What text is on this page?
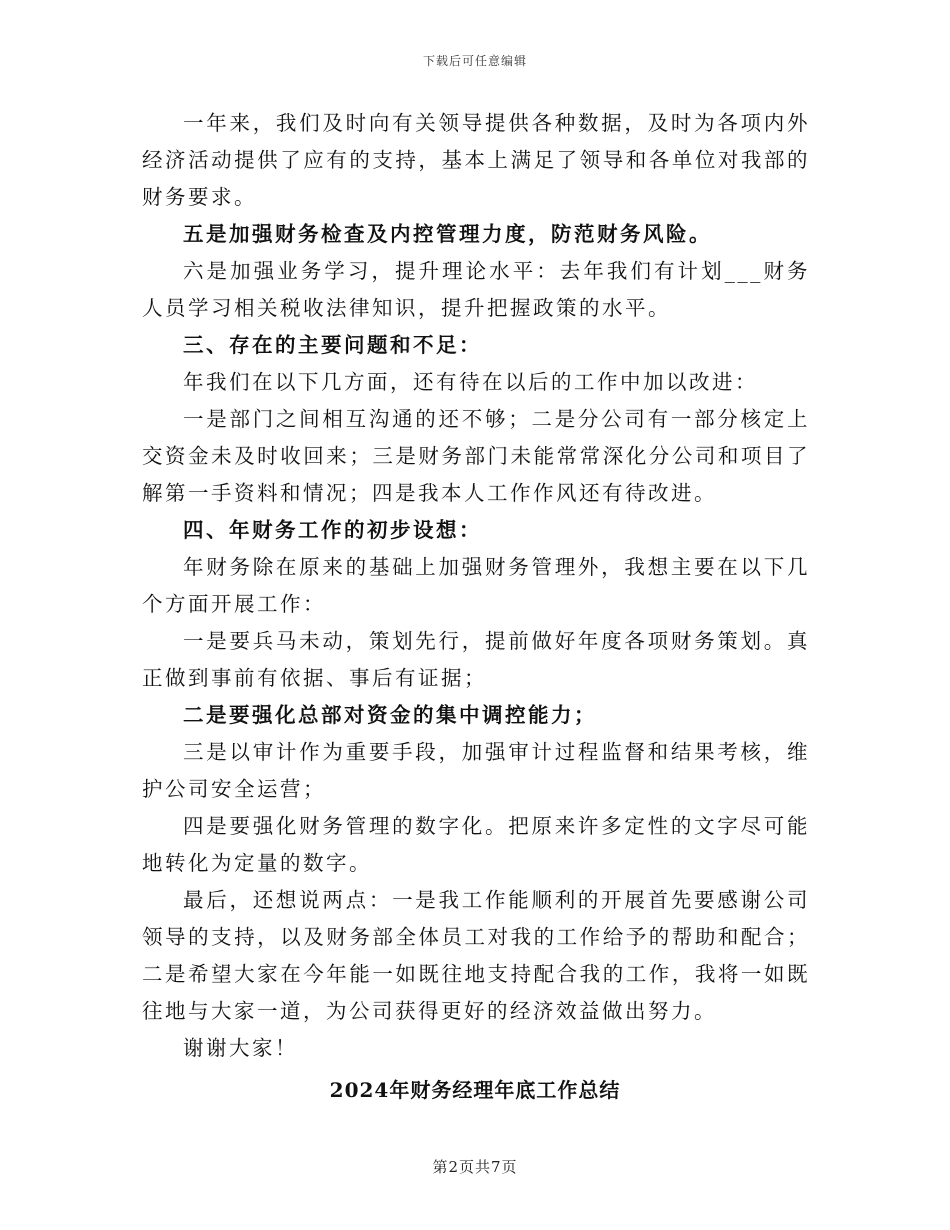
下载后可任意编辑

一年来，我们及时向有关领导提供各种数据，及时为各项内外经济活动提供了应有的支持，基本上满足了领导和各单位对我部的财务要求。

五是加强财务检查及内控管理力度，防范财务风险。

六是加强业务学习，提升理论水平：去年我们有计划___财务人员学习相关税收法律知识，提升把握政策的水平。

三、存在的主要问题和不足：

年我们在以下几方面，还有待在以后的工作中加以改进：

一是部门之间相互沟通的还不够；二是分公司有一部分核定上交资金未及时收回来；三是财务部门未能常常深化分公司和项目了解第一手资料和情况；四是我本人工作作风还有待改进。

四、年财务工作的初步设想：

年财务除在原来的基础上加强财务管理外，我想主要在以下几个方面开展工作：

一是要兵马未动，策划先行，提前做好年度各项财务策划。真正做到事前有依据、事后有证据；

二是要强化总部对资金的集中调控能力；

三是以审计作为重要手段，加强审计过程监督和结果考核，维护公司安全运营；

四是要强化财务管理的数字化。把原来许多定性的文字尽可能地转化为定量的数字。

最后，还想说两点：一是我工作能顺利的开展首先要感谢公司领导的支持，以及财务部全体员工对我的工作给予的帮助和配合；二是希望大家在今年能一如既往地支持配合我的工作，我将一如既往地与大家一道，为公司获得更好的经济效益做出努力。

谢谢大家！

2024年财务经理年底工作总结
第2页共7页
